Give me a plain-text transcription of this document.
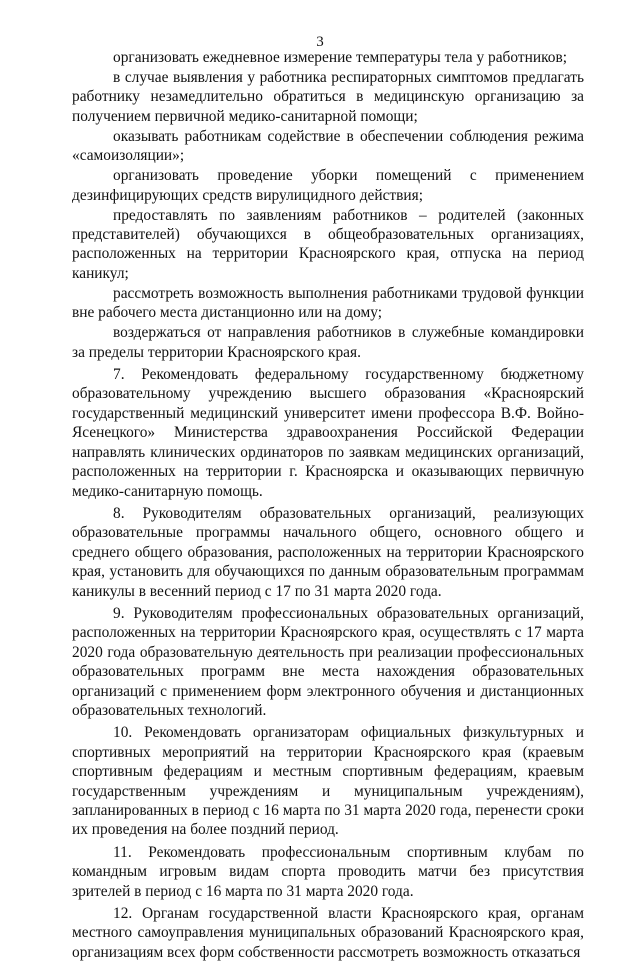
3

организовать ежедневное измерение температуры тела у работников;

в случае выявления у работника респираторных симптомов предлагать работнику незамедлительно обратиться в медицинскую организацию за получением первичной медико-санитарной помощи;

оказывать работникам содействие в обеспечении соблюдения режима «самоизоляции»;

организовать проведение уборки помещений с применением дезинфицирующих средств вирулицидного действия;

предоставлять по заявлениям работников – родителей (законных представителей) обучающихся в общеобразовательных организациях, расположенных на территории Красноярского края, отпуска на период каникул;

рассмотреть возможность выполнения работниками трудовой функции вне рабочего места дистанционно или на дому;

воздержаться от направления работников в служебные командировки за пределы территории Красноярского края.

7. Рекомендовать федеральному государственному бюджетному образовательному учреждению высшего образования «Красноярский государственный медицинский университет имени профессора В.Ф. Войно-Ясенецкого» Министерства здравоохранения Российской Федерации направлять клинических ординаторов по заявкам медицинских организаций, расположенных на территории г. Красноярска и оказывающих первичную медико-санитарную помощь.

8. Руководителям образовательных организаций, реализующих образовательные программы начального общего, основного общего и среднего общего образования, расположенных на территории Красноярского края, установить для обучающихся по данным образовательным программам каникулы в весенний период с 17 по 31 марта 2020 года.

9. Руководителям профессиональных образовательных организаций, расположенных на территории Красноярского края, осуществлять с 17 марта 2020 года образовательную деятельность при реализации профессиональных образовательных программ вне места нахождения образовательных организаций с применением форм электронного обучения и дистанционных образовательных технологий.

10. Рекомендовать организаторам официальных физкультурных и спортивных мероприятий на территории Красноярского края (краевым спортивным федерациям и местным спортивным федерациям, краевым государственным учреждениям и муниципальным учреждениям), запланированных в период с 16 марта по 31 марта 2020 года, перенести сроки их проведения на более поздний период.

11. Рекомендовать профессиональным спортивным клубам по командным игровым видам спорта проводить матчи без присутствия зрителей в период с 16 марта по 31 марта 2020 года.

12. Органам государственной власти Красноярского края, органам местного самоуправления муниципальных образований Красноярского края, организациям всех форм собственности рассмотреть возможность отказаться
